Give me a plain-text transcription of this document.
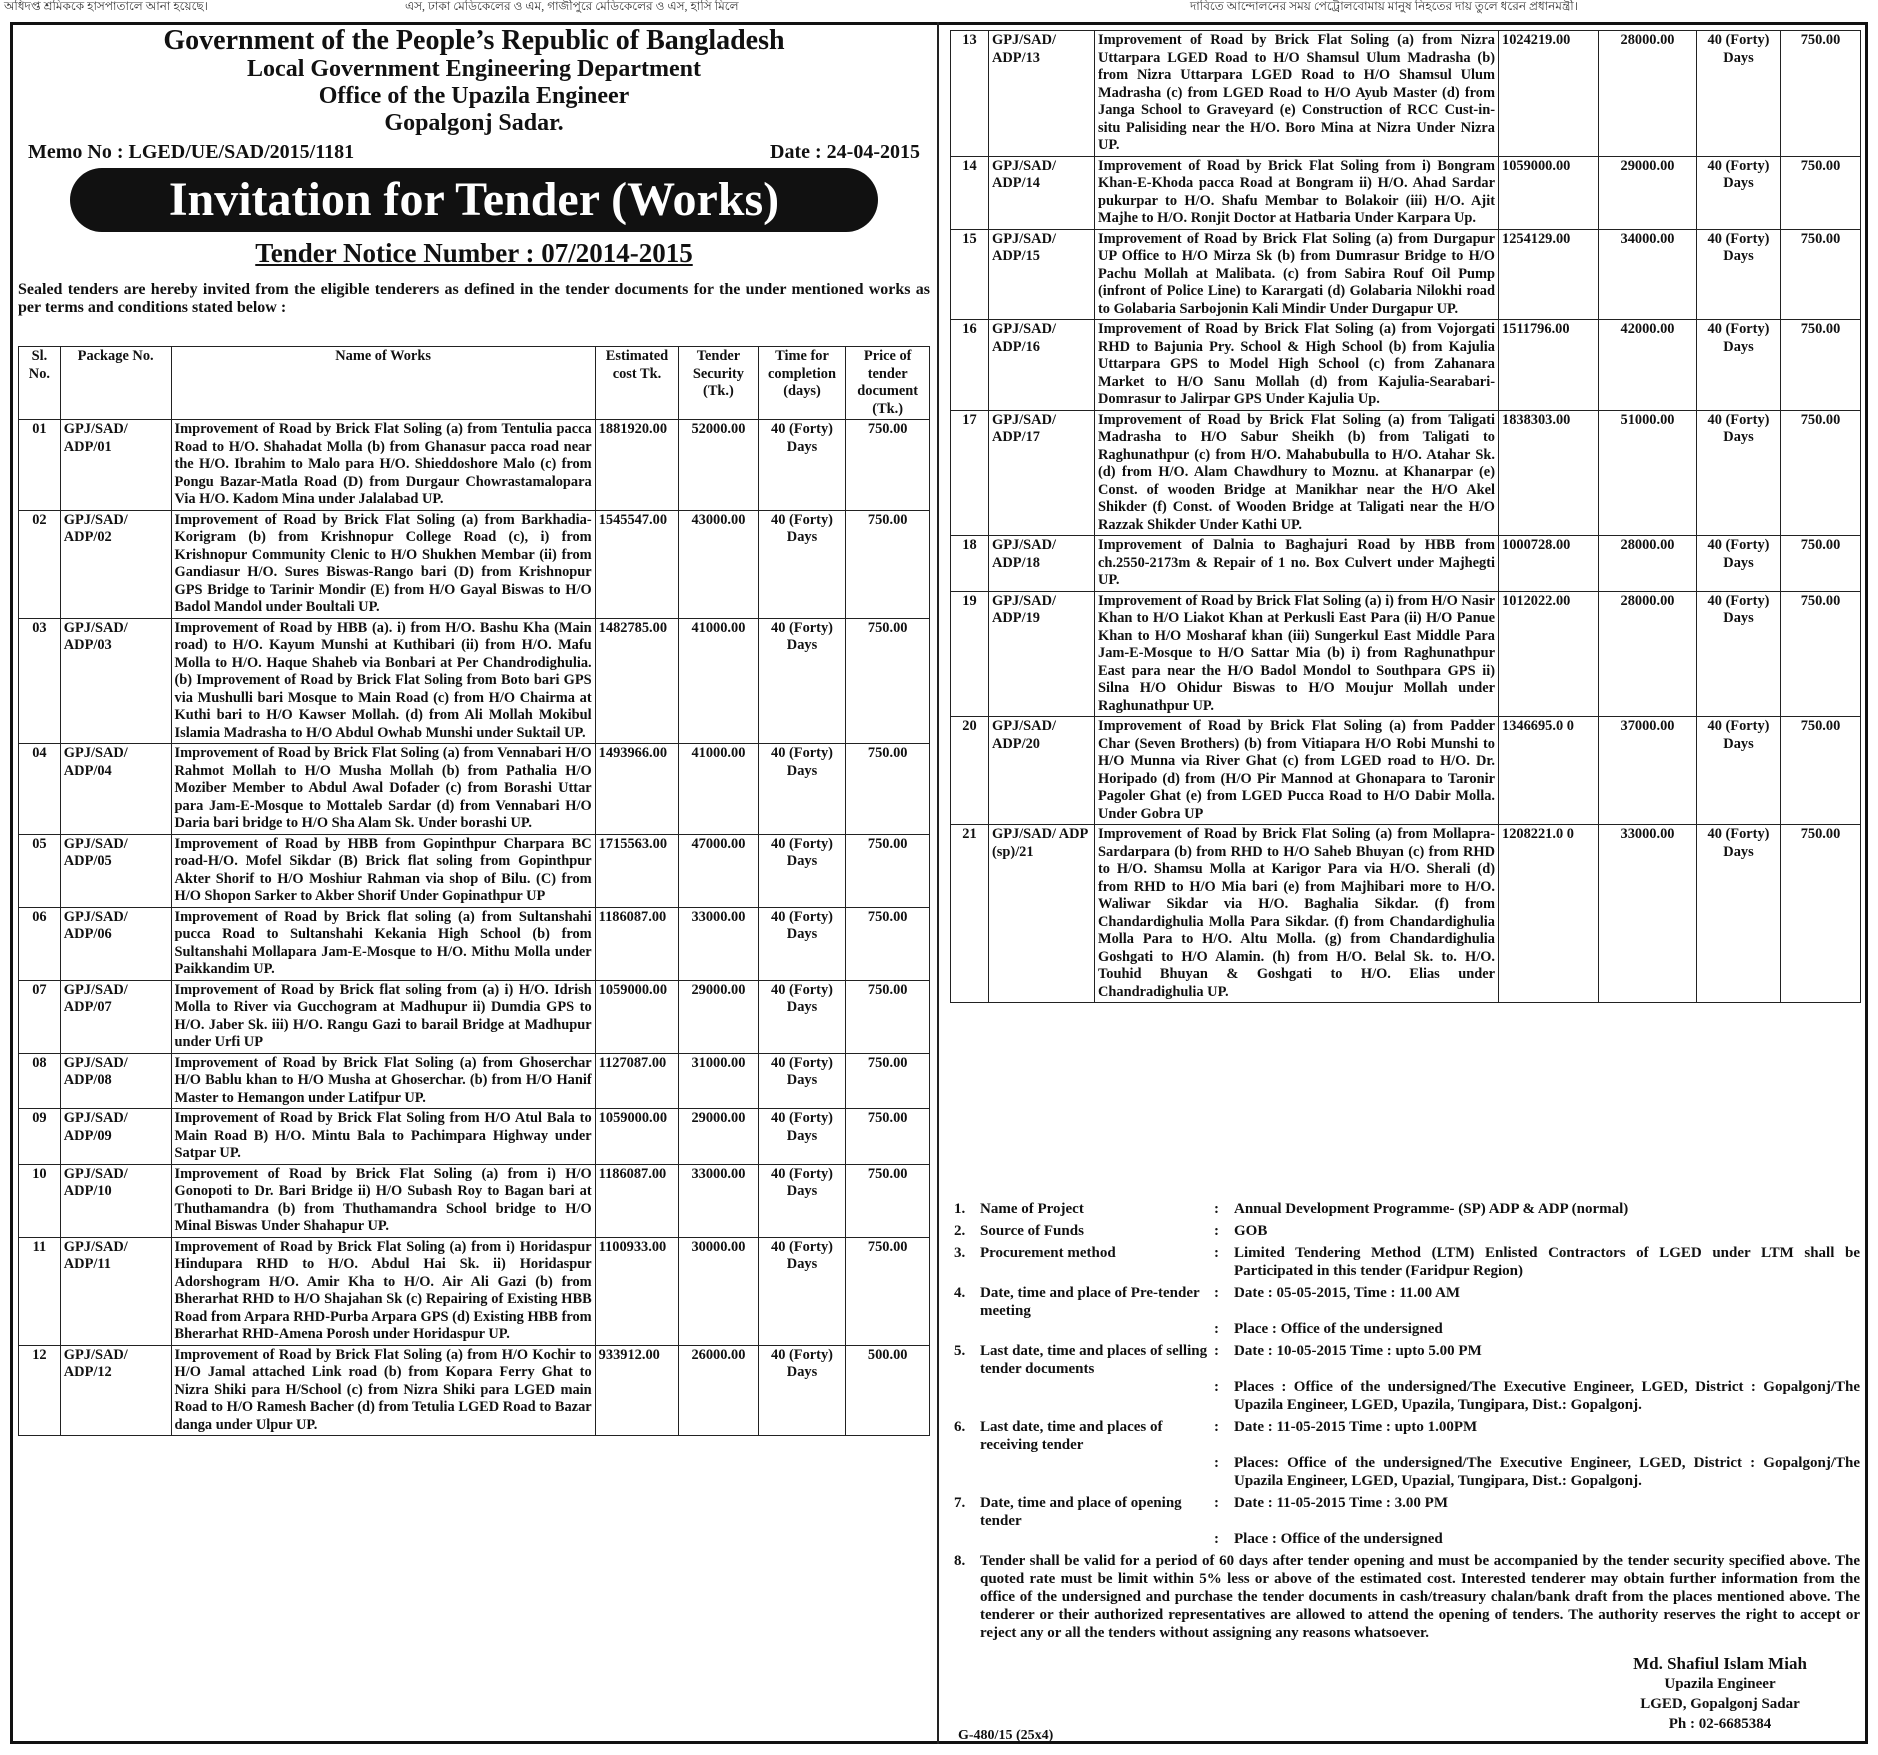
অধিদপ্ত শ্রমিককে হাসপাতালে আনা হয়েছে।	এস, ঢাকা মেডিকেলের ও এম, গাজীপুরে মেডিকেলের ও এস, হাসি মিলে	দাবিতে আন্দোলনের সময় পেট্রোলবোমায় মানুষ নিহতের দায় তুলে ধরেন প্রধানমন্ত্রী।
Government of the People’s Republic of Bangladesh
Local Government Engineering Department
Office of the Upazila Engineer
Gopalgonj Sadar.
Memo No : LGED/UE/SAD/2015/1181	Date : 24-04-2015
Invitation for Tender (Works)
Tender Notice Number : 07/2014-2015
Sealed tenders are hereby invited from the eligible tenderers as defined in the tender documents for the under mentioned works as per terms and conditions stated below :
Sl. No.	Package No.	Name of Works	Estimated cost Tk.	Tender Security (Tk.)	Time for completion (days)	Price of tender document (Tk.)
01	GPJ/SAD/ ADP/01	Improvement of Road by Brick Flat Soling (a) from Tentulia pacca Road to H/O. Shahadat Molla (b) from Ghanasur pacca road near the H/O. Ibrahim to Malo para H/O. Shieddoshore Malo (c) from Pongu Bazar-Matla Road (D) from Durgaur Chowrastamalopara Via H/O. Kadom Mina under Jalalabad UP.	1881920.00	52000.00	40 (Forty) Days	750.00
02	GPJ/SAD/ ADP/02	Improvement of Road by Brick Flat Soling (a) from Barkhadia-Korigram (b) from Krishnopur College Road (c), i) from Krishnopur Community Clenic to H/O Shukhen Membar (ii) from Gandiasur H/O. Sures Biswas-Rango bari (D) from Krishnopur GPS Bridge to Tarinir Mondir (E) from H/O Gayal Biswas to H/O Badol Mandol under Boultali UP.	1545547.00	43000.00	40 (Forty) Days	750.00
03	GPJ/SAD/ ADP/03	Improvement of Road by HBB (a). i) from H/O. Bashu Kha (Main road) to H/O. Kayum Munshi at Kuthibari (ii) from H/O. Mafu Molla to H/O. Haque Shaheb via Bonbari at Per Chandrodighulia. (b) Improvement of Road by Brick Flat Soling from Boto bari GPS via Mushulli bari Mosque to Main Road (c) from H/O Chairma at Kuthi bari to H/O Kawser Mollah. (d) from Ali Mollah Mokibul Islamia Madrasha to H/O Abdul Owhab Munshi under Suktail UP.	1482785.00	41000.00	40 (Forty) Days	750.00
04	GPJ/SAD/ ADP/04	Improvement of Road by Brick Flat Soling (a) from Vennabari H/O Rahmot Mollah to H/O Musha Mollah (b) from Pathalia H/O Moziber Member to Abdul Awal Dofader (c) from Borashi Uttar para Jam-E-Mosque to Mottaleb Sardar (d) from Vennabari H/O Daria bari bridge to H/O Sha Alam Sk. Under borashi UP.	1493966.00	41000.00	40 (Forty) Days	750.00
05	GPJ/SAD/ ADP/05	Improvement of Road by HBB from Gopinthpur Charpara BC road-H/O. Mofel Sikdar (B) Brick flat soling from Gopinthpur Akter Shorif to H/O Moshiur Rahman via shop of Bilu. (C) from H/O Shopon Sarker to Akber Shorif Under Gopinathpur UP	1715563.00	47000.00	40 (Forty) Days	750.00
06	GPJ/SAD/ ADP/06	Improvement of Road by Brick flat soling (a) from Sultanshahi pucca Road to Sultanshahi Kekania High School (b) from Sultanshahi Mollapara Jam-E-Mosque to H/O. Mithu Molla under Paikkandim UP.	1186087.00	33000.00	40 (Forty) Days	750.00
07	GPJ/SAD/ ADP/07	Improvement of Road by Brick flat soling from (a) i) H/O. Idrish Molla to River via Gucchogram at Madhupur ii) Dumdia GPS to H/O. Jaber Sk. iii) H/O. Rangu Gazi to barail Bridge at Madhupur under Urfi UP	1059000.00	29000.00	40 (Forty) Days	750.00
08	GPJ/SAD/ ADP/08	Improvement of Road by Brick Flat Soling (a) from Ghoserchar H/O Bablu khan to H/O Musha at Ghoserchar. (b) from H/O Hanif Master to Hemangon under Latifpur UP.	1127087.00	31000.00	40 (Forty) Days	750.00
09	GPJ/SAD/ ADP/09	Improvement of Road by Brick Flat Soling from H/O Atul Bala to Main Road B) H/O. Mintu Bala to Pachimpara Highway under Satpar UP.	1059000.00	29000.00	40 (Forty) Days	750.00
10	GPJ/SAD/ ADP/10	Improvement of Road by Brick Flat Soling (a) from i) H/O Gonopoti to Dr. Bari Bridge ii) H/O Subash Roy to Bagan bari at Thuthamandra (b) from Thuthamandra School bridge to H/O Minal Biswas Under Shahapur UP.	1186087.00	33000.00	40 (Forty) Days	750.00
11	GPJ/SAD/ ADP/11	Improvement of Road by Brick Flat Soling (a) from i) Horidaspur Hindupara RHD to H/O. Abdul Hai Sk. ii) Horidaspur Adorshogram H/O. Amir Kha to H/O. Air Ali Gazi (b) from Bherarhat RHD to H/O Shajahan Sk (c) Repairing of Existing HBB Road from Arpara RHD-Purba Arpara GPS (d) Existing HBB from Bherarhat RHD-Amena Porosh under Horidaspur UP.	1100933.00	30000.00	40 (Forty) Days	750.00
12	GPJ/SAD/ ADP/12	Improvement of Road by Brick Flat Soling (a) from H/O Kochir to H/O Jamal attached Link road (b) from Kopara Ferry Ghat to Nizra Shiki para H/School (c) from Nizra Shiki para LGED main Road to H/O Ramesh Bacher (d) from Tetulia LGED Road to Bazar danga under Ulpur UP.	933912.00	26000.00	40 (Forty) Days	500.00
13	GPJ/SAD/ ADP/13	Improvement of Road by Brick Flat Soling (a) from Nizra Uttarpara LGED Road to H/O Shamsul Ulum Madrasha (b) from Nizra Uttarpara LGED Road to H/O Shamsul Ulum Madrasha (c) from LGED Road to H/O Ayub Master (d) from Janga School to Graveyard (e) Construction of RCC Cust-in-situ Palisiding near the H/O. Boro Mina at Nizra Under Nizra UP.	1024219.00	28000.00	40 (Forty) Days	750.00
14	GPJ/SAD/ ADP/14	Improvement of Road by Brick Flat Soling from i) Bongram Khan-E-Khoda pacca Road at Bongram ii) H/O. Ahad Sardar pukurpar to H/O. Shafu Membar to Bolakoir (iii) H/O. Ajit Majhe to H/O. Ronjit Doctor at Hatbaria Under Karpara Up.	1059000.00	29000.00	40 (Forty) Days	750.00
15	GPJ/SAD/ ADP/15	Improvement of Road by Brick Flat Soling (a) from Durgapur UP Office to H/O Mirza Sk (b) from Dumrasur Bridge to H/O Pachu Mollah at Malibata. (c) from Sabira Rouf Oil Pump (infront of Police Line) to Karargati (d) Golabaria Nilokhi road to Golabaria Sarbojonin Kali Mindir Under Durgapur UP.	1254129.00	34000.00	40 (Forty) Days	750.00
16	GPJ/SAD/ ADP/16	Improvement of Road by Brick Flat Soling (a) from Vojorgati RHD to Bajunia Pry. School & High School (b) from Kajulia Uttarpara GPS to Model High School (c) from Zahanara Market to H/O Sanu Mollah (d) from Kajulia-Searabari-Domrasur to Jalirpar GPS Under Kajulia Up.	1511796.00	42000.00	40 (Forty) Days	750.00
17	GPJ/SAD/ ADP/17	Improvement of Road by Brick Flat Soling (a) from Taligati Madrasha to H/O Sabur Sheikh (b) from Taligati to Raghunathpur (c) from H/O. Mahabubulla to H/O. Atahar Sk. (d) from H/O. Alam Chawdhury to Moznu. at Khanarpar (e) Const. of wooden Bridge at Manikhar near the H/O Akel Shikder (f) Const. of Wooden Bridge at Taligati near the H/O Razzak Shikder Under Kathi UP.	1838303.00	51000.00	40 (Forty) Days	750.00
18	GPJ/SAD/ ADP/18	Improvement of Dalnia to Baghajuri Road by HBB from ch.2550-2173m & Repair of 1 no. Box Culvert under Majhegti UP.	1000728.00	28000.00	40 (Forty) Days	750.00
19	GPJ/SAD/ ADP/19	Improvement of Road by Brick Flat Soling (a) i) from H/O Nasir Khan to H/O Liakot Khan at Perkusli East Para (ii) H/O Panue Khan to H/O Mosharaf khan (iii) Sungerkul East Middle Para Jam-E-Mosque to H/O Sattar Mia (b) i) from Raghunathpur East para near the H/O Badol Mondol to Southpara GPS ii) Silna H/O Ohidur Biswas to H/O Moujur Mollah under Raghunathpur UP.	1012022.00	28000.00	40 (Forty) Days	750.00
20	GPJ/SAD/ ADP/20	Improvement of Road by Brick Flat Soling (a) from Padder Char (Seven Brothers) (b) from Vitiapara H/O Robi Munshi to H/O Munna via River Ghat (c) from LGED road to H/O. Dr. Horipado (d) from (H/O Pir Mannod at Ghonapara to Taronir Pagoler Ghat (e) from LGED Pucca Road to H/O Dabir Molla. Under Gobra UP	1346695.0 0	37000.00	40 (Forty) Days	750.00
21	GPJ/SAD/ ADP (sp)/21	Improvement of Road by Brick Flat Soling (a) from Mollapra-Sardarpara (b) from RHD to H/O Saheb Bhuyan (c) from RHD to H/O. Shamsu Molla at Karigor Para via H/O. Sherali (d) from RHD to H/O Mia bari (e) from Majhibari more to H/O. Waliwar Sikdar via H/O. Baghalia Sikdar. (f) from Chandardighulia Molla Para Sikdar. (f) from Chandardighulia Molla Para to H/O. Altu Molla. (g) from Chandardighulia Goshgati to H/O Alamin. (h) from H/O. Belal Sk. to. H/O. Touhid Bhuyan & Goshgati to H/O. Elias under Chandradighulia UP.	1208221.0 0	33000.00	40 (Forty) Days	750.00
1. Name of Project	:	Annual Development Programme- (SP) ADP & ADP (normal)
2. Source of Funds	:	GOB
3. Procurement method	:	Limited Tendering Method (LTM) Enlisted Contractors of LGED under LTM shall be Participated in this tender (Faridpur Region)
4. Date, time and place of Pre-tender meeting
:	Date : 05-05-2015, Time : 11.00 AM
:	Place : Office of the undersigned
5. Last date, time and places of selling tender documents
:	Date : 10-05-2015 Time : upto 5.00 PM
:	Places : Office of the undersigned/The Executive Engineer, LGED, District : Gopalgonj/The Upazila Engineer, LGED, Upazila, Tungipara, Dist.: Gopalgonj.
6. Last date, time and places of receiving tender
:	Date : 11-05-2015 Time : upto 1.00PM
:	Places: Office of the undersigned/The Executive Engineer, LGED, District : Gopalgonj/The Upazila Engineer, LGED, Upazial, Tungipara, Dist.: Gopalgonj.
7. Date, time and place of opening tender
:	Date : 11-05-2015 Time : 3.00 PM
:	Place : Office of the undersigned
8. Tender shall be valid for a period of 60 days after tender opening and must be accompanied by the tender security specified above. The quoted rate must be limit within 5% less or above of the estimated cost. Interested tenderer may obtain further information from the office of the undersigned and purchase the tender documents in cash/treasury chalan/bank draft from the places mentioned above. The tenderer or their authorized representatives are allowed to attend the opening of tenders. The authority reserves the right to accept or reject any or all the tenders without assigning any reasons whatsoever.
Md. Shafiul Islam Miah
Upazila Engineer
LGED, Gopalgonj Sadar
Ph : 02-6685384
G-480/15 (25x4)
